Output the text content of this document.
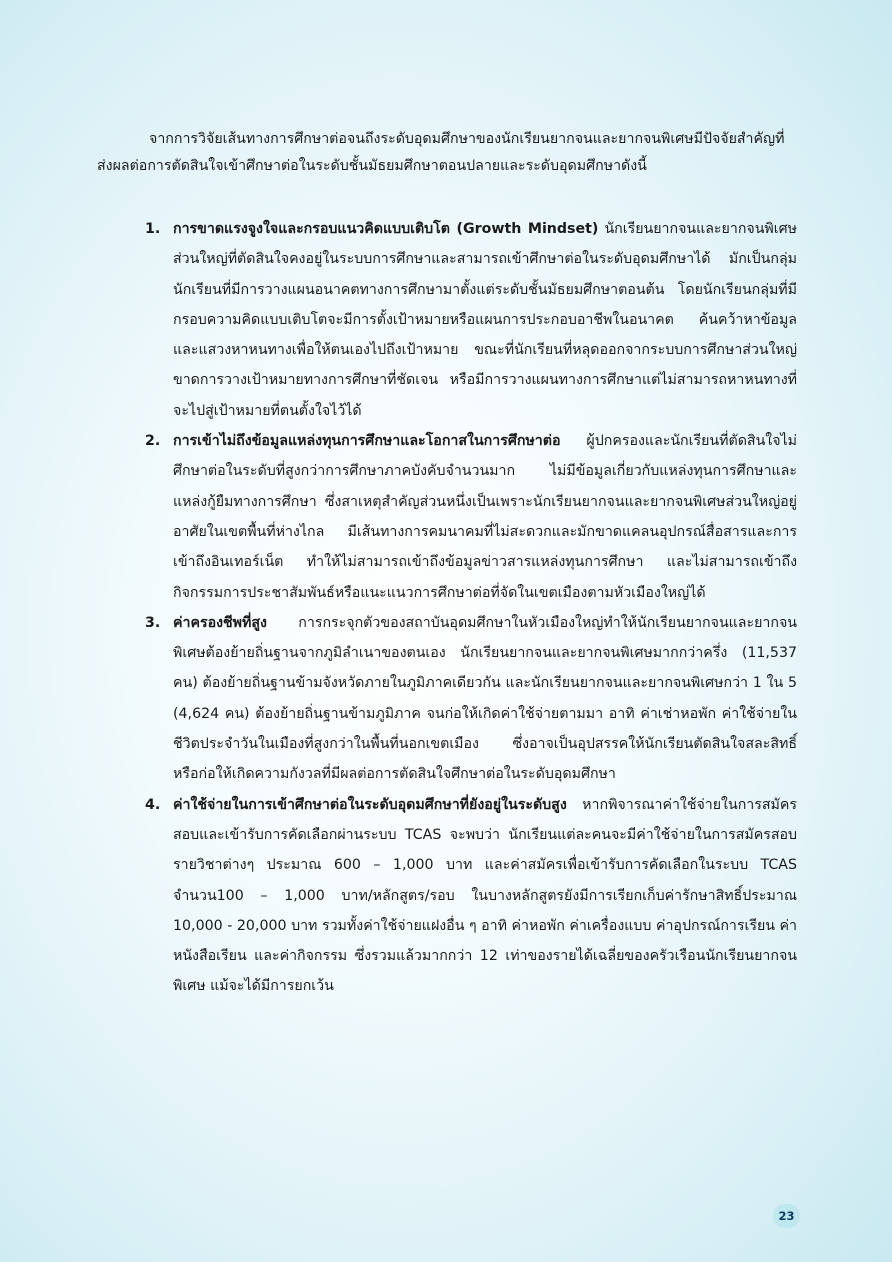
จากการวิจัยเส้นทางการศึกษาต่อจนถึงระดับอุดมศึกษาของนักเรียนยากจนและยากจนพิเศษมีปัจจัยสำคัญที่ส่งผลต่อการตัดสินใจเข้าศึกษาต่อในระดับชั้นมัธยมศึกษาตอนปลายและระดับอุดมศึกษาดังนี้

1. การขาดแรงจูงใจและกรอบแนวคิดแบบเติบโต (Growth Mindset) นักเรียนยากจนและยากจนพิเศษส่วนใหญ่ที่ตัดสินใจคงอยู่ในระบบการศึกษาและสามารถเข้าศึกษาต่อในระดับอุดมศึกษาได้ มักเป็นกลุ่มนักเรียนที่มีการวางแผนอนาคตทางการศึกษามาตั้งแต่ระดับชั้นมัธยมศึกษาตอนต้น โดยนักเรียนกลุ่มที่มีกรอบความคิดแบบเติบโตจะมีการตั้งเป้าหมายหรือแผนการประกอบอาชีพในอนาคต ค้นคว้าหาข้อมูลและแสวงหาหนทางเพื่อให้ตนเองไปถึงเป้าหมาย ขณะที่นักเรียนที่หลุดออกจากระบบการศึกษาส่วนใหญ่ขาดการวางเป้าหมายทางการศึกษาที่ชัดเจน หรือมีการวางแผนทางการศึกษาแต่ไม่สามารถหาหนทางที่จะไปสู่เป้าหมายที่ตนตั้งใจไว้ได้
2. การเข้าไม่ถึงข้อมูลแหล่งทุนการศึกษาและโอกาสในการศึกษาต่อ ผู้ปกครองและนักเรียนที่ตัดสินใจไม่ศึกษาต่อในระดับที่สูงกว่าการศึกษาภาคบังคับจำนวนมาก ไม่มีข้อมูลเกี่ยวกับแหล่งทุนการศึกษาและแหล่งกู้ยืมทางการศึกษา ซึ่งสาเหตุสำคัญส่วนหนึ่งเป็นเพราะนักเรียนยากจนและยากจนพิเศษส่วนใหญ่อยู่อาศัยในเขตพื้นที่ห่างไกล มีเส้นทางการคมนาคมที่ไม่สะดวกและมักขาดแคลนอุปกรณ์สื่อสารและการเข้าถึงอินเทอร์เน็ต ทำให้ไม่สามารถเข้าถึงข้อมูลข่าวสารแหล่งทุนการศึกษา และไม่สามารถเข้าถึงกิจกรรมการประชาสัมพันธ์หรือแนะแนวการศึกษาต่อที่จัดในเขตเมืองตามหัวเมืองใหญ่ได้
3. ค่าครองชีพที่สูง การกระจุกตัวของสถาบันอุดมศึกษาในหัวเมืองใหญ่ทำให้นักเรียนยากจนและยากจนพิเศษต้องย้ายถิ่นฐานจากภูมิลำเนาของตนเอง นักเรียนยากจนและยากจนพิเศษมากกว่าครึ่ง (11,537 คน) ต้องย้ายถิ่นฐานข้ามจังหวัดภายในภูมิภาคเดียวกัน และนักเรียนยากจนและยากจนพิเศษกว่า 1 ใน 5 (4,624 คน) ต้องย้ายถิ่นฐานข้ามภูมิภาค จนก่อให้เกิดค่าใช้จ่ายตามมา อาทิ ค่าเช่าหอพัก ค่าใช้จ่ายในชีวิตประจำวันในเมืองที่สูงกว่าในพื้นที่นอกเขตเมือง ซึ่งอาจเป็นอุปสรรคให้นักเรียนตัดสินใจสละสิทธิ์ หรือก่อให้เกิดความกังวลที่มีผลต่อการตัดสินใจศึกษาต่อในระดับอุดมศึกษา
4. ค่าใช้จ่ายในการเข้าศึกษาต่อในระดับอุดมศึกษาที่ยังอยู่ในระดับสูง หากพิจารณาค่าใช้จ่ายในการสมัครสอบและเข้ารับการคัดเลือกผ่านระบบ TCAS จะพบว่า นักเรียนแต่ละคนจะมีค่าใช้จ่ายในการสมัครสอบรายวิชาต่างๆ ประมาณ 600 – 1,000 บาท และค่าสมัครเพื่อเข้ารับการคัดเลือกในระบบ TCAS จำนวน100 – 1,000 บาท/หลักสูตร/รอบ ในบางหลักสูตรยังมีการเรียกเก็บค่ารักษาสิทธิ์ประมาณ 10,000 - 20,000 บาท รวมทั้งค่าใช้จ่ายแฝงอื่น ๆ อาทิ ค่าหอพัก ค่าเครื่องแบบ ค่าอุปกรณ์การเรียน ค่าหนังสือเรียน และค่ากิจกรรม ซึ่งรวมแล้วมากกว่า 12 เท่าของรายได้เฉลี่ยของครัวเรือนนักเรียนยากจนพิเศษ แม้จะได้มีการยกเว้น
23
